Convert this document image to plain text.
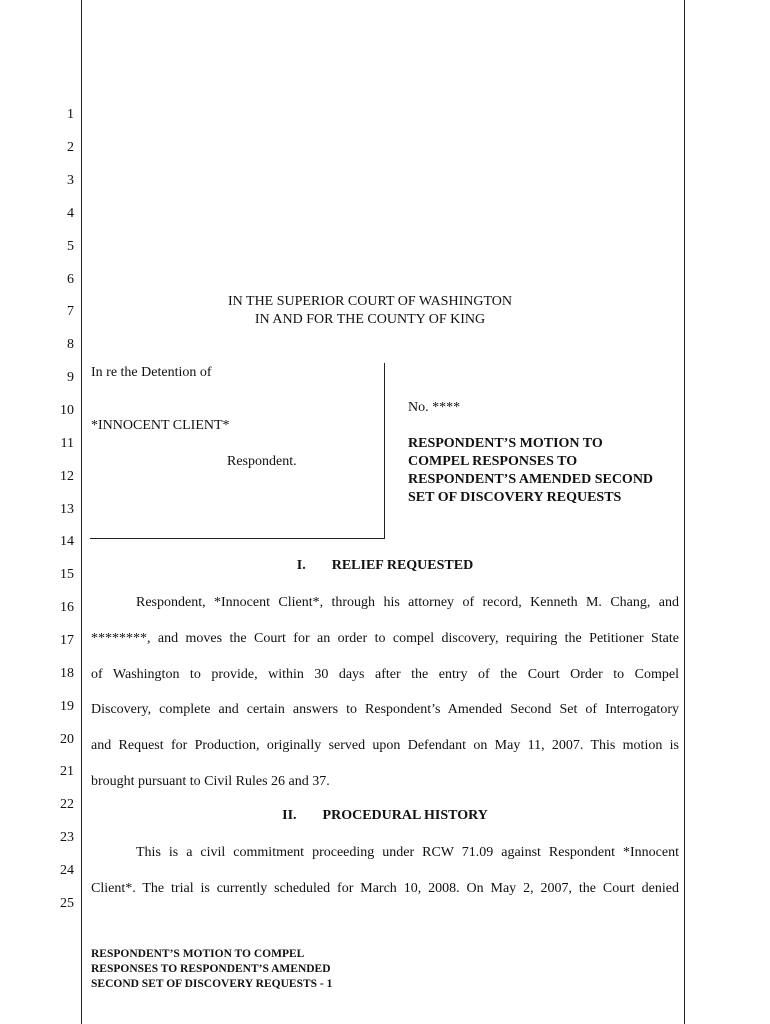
1
2
3
4
5
6
7
8
9
10
11
12
13
14
15
16
17
18
19
20
21
22
23
24
25
IN THE SUPERIOR COURT OF WASHINGTON
IN AND FOR THE COUNTY OF KING
In re the Detention of
*INNOCENT CLIENT*
Respondent.
No. ****
RESPONDENT’S MOTION TO
COMPEL RESPONSES TO
RESPONDENT’S AMENDED SECOND
SET OF DISCOVERY REQUESTS
I. RELIEF REQUESTED
Respondent, *Innocent Client*, through his attorney of record, Kenneth M. Chang, and
********, and moves the Court for an order to compel discovery, requiring the Petitioner State
of Washington to provide, within 30 days after the entry of the Court Order to Compel
Discovery, complete and certain answers to Respondent’s Amended Second Set of Interrogatory
and Request for Production, originally served upon Defendant on May 11, 2007. This motion is
brought pursuant to Civil Rules 26 and 37.
II. PROCEDURAL HISTORY
This is a civil commitment proceeding under RCW 71.09 against Respondent *Innocent
Client*. The trial is currently scheduled for March 10, 2008. On May 2, 2007, the Court denied
RESPONDENT’S MOTION TO COMPEL
RESPONSES TO RESPONDENT’S AMENDED
SECOND SET OF DISCOVERY REQUESTS - 1
